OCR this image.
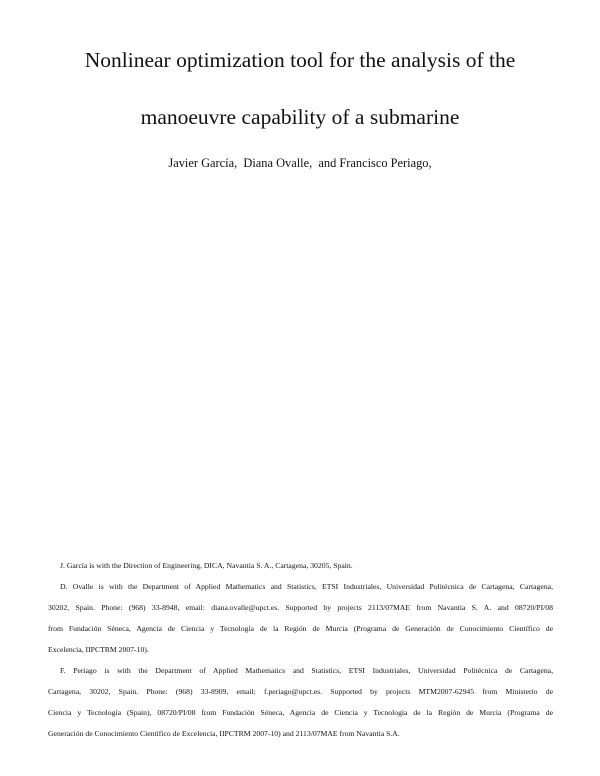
Nonlinear optimization tool for the analysis of the
manoeuvre capability of a submarine
Javier García,  Diana Ovalle,  and Francisco Periago,
J. García is with the Direction of Engineering, DICA, Navantia S. A., Cartagena, 30205, Spain.
D. Ovalle is with the Department of Applied Mathematics and Statistics, ETSI Industriales, Universidad Politécnica de Cartagena, Cartagena,
30202, Spain. Phone: (968) 33-8948, email: diana.ovalle@upct.es. Supported by projects 2113/07MAE from Navantia S. A. and 08720/PI/08
from Fundación Séneca, Agencia de Ciencia y Tecnología de la Región de Murcia (Programa de Generación de Conocimiento Científico de
Excelencia, IIPCTRM 2007-10).
F. Periago is with the Department of Applied Mathematics and Statistics, ETSI Industriales, Universidad Politécnica de Cartagena,
Cartagena, 30202, Spain. Phone: (968) 33-8909, email: f.periago@upct.es. Supported by projects MTM2007-62945 from Ministerio de
Ciencia y Tecnología (Spain), 08720/PI/08 from Fundación Séneca, Agencia de Ciencia y Tecnología de la Región de Murcia (Programa de
Generación de Conocimiento Científico de Excelencia, IIPCTRM 2007-10) and 2113/07MAE from Navantia S.A.
